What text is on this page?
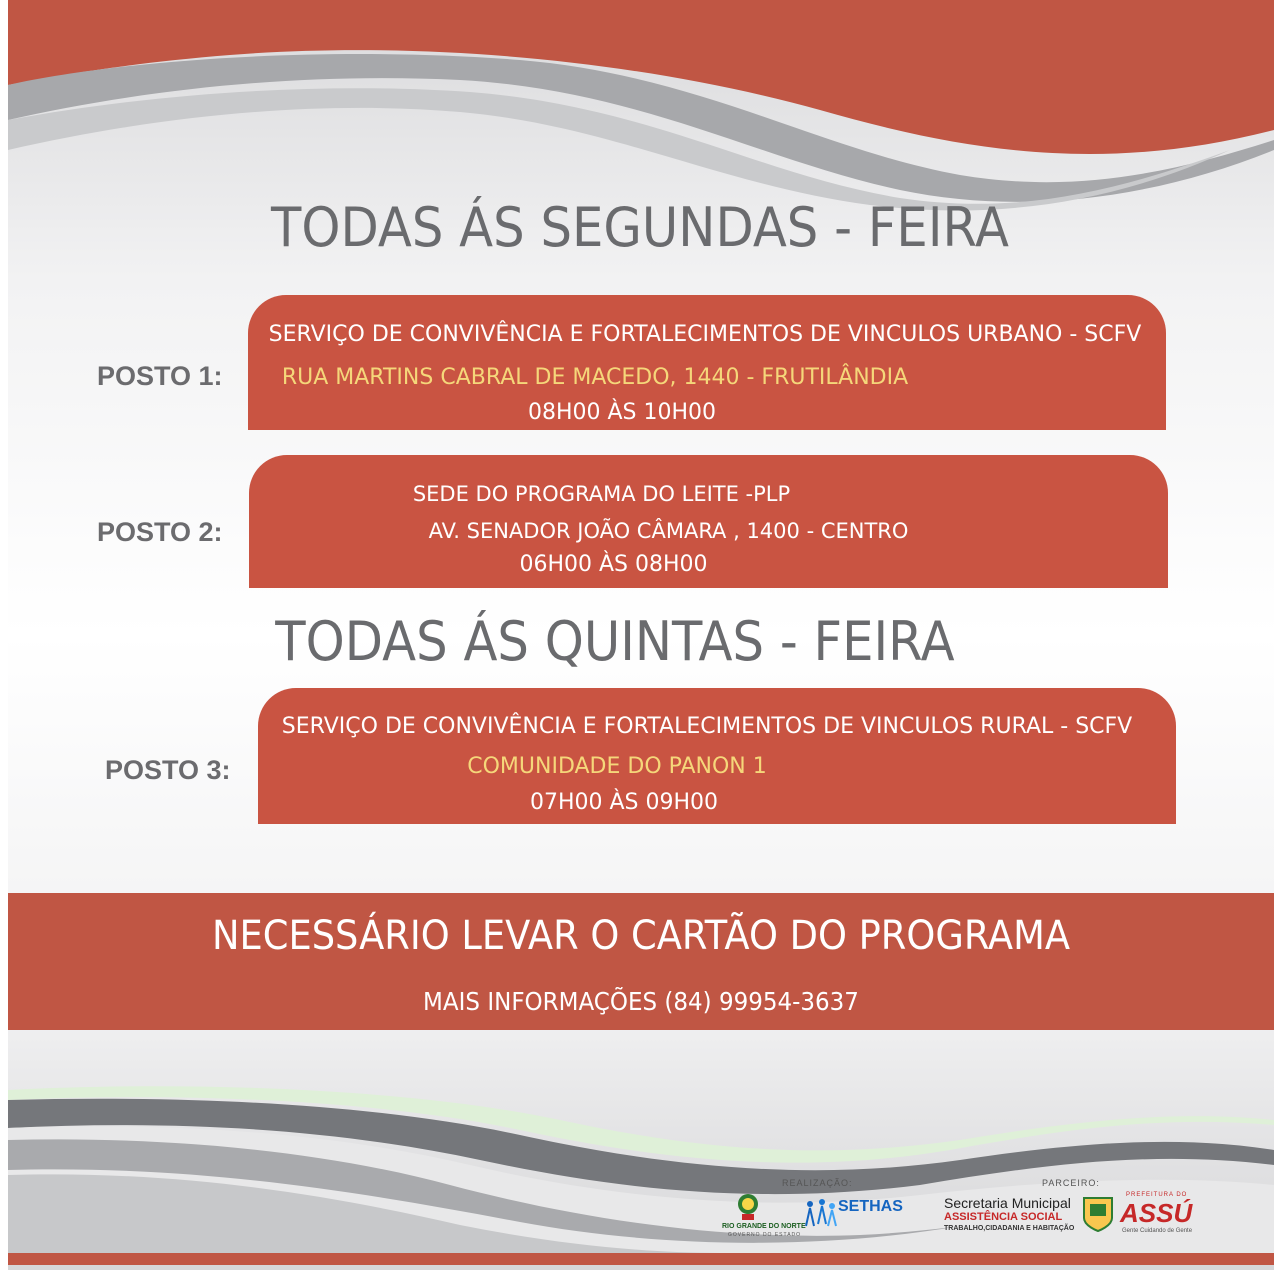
TODAS ÁS SEGUNDAS - FEIRA
TODAS ÁS QUINTAS - FEIRA
POSTO 1:
SERVIÇO DE CONVIVÊNCIA E FORTALECIMENTOS DE VINCULOS URBANO - SCFV
RUA MARTINS CABRAL DE MACEDO, 1440 - FRUTILÂNDIA
08H00 ÀS 10H00
POSTO 2:
SEDE DO PROGRAMA DO LEITE -PLP
AV. SENADOR JOÃO CÂMARA , 1400 - CENTRO
06H00 ÀS 08H00
POSTO 3:
SERVIÇO DE CONVIVÊNCIA E FORTALECIMENTOS DE VINCULOS RURAL - SCFV
COMUNIDADE DO PANON 1
07H00 ÀS 09H00
NECESSÁRIO LEVAR O CARTÃO DO PROGRAMA
MAIS INFORMAÇÕES (84) 99954-3637
REALIZAÇÃO:
RIO GRANDE DO NORTE
GOVERNO DO ESTADO
SETHAS
PARCEIRO:
Secretaria Municipal
ASSISTÊNCIA SOCIAL
TRABALHO,CIDADANIA E HABITAÇÃO
PREFEITURA DO
ASSÚ
Gente Cuidando de Gente
